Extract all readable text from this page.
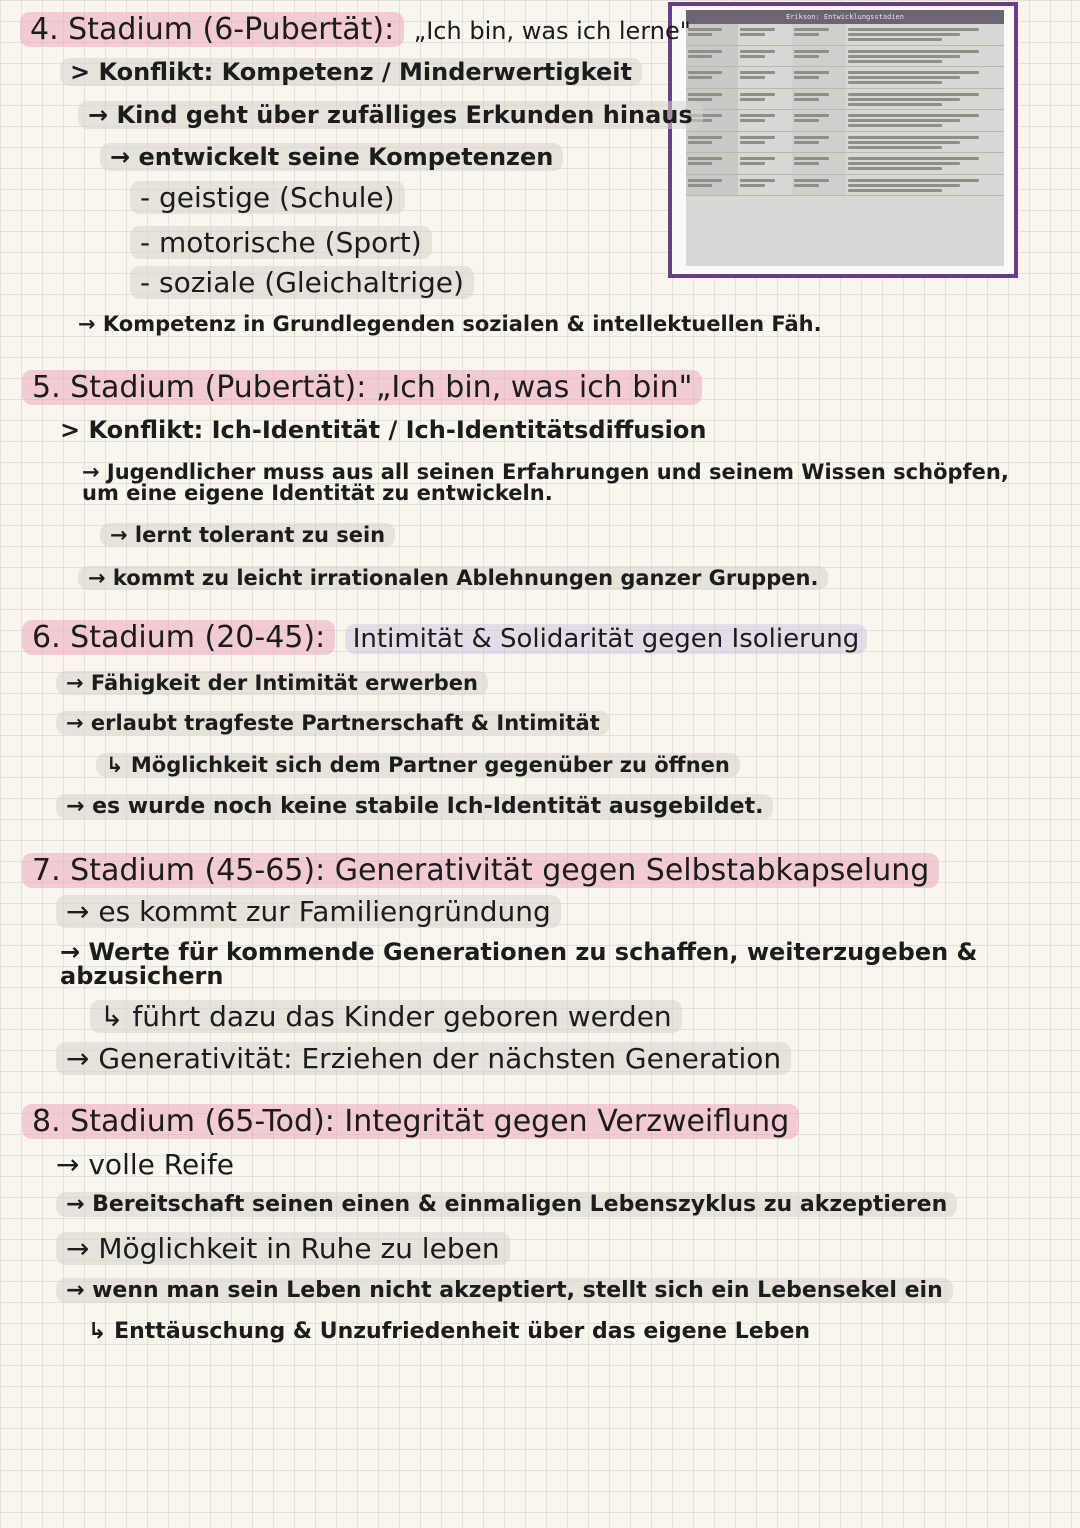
Erikson: Entwicklungsstadien
4. Stadium (6-Pubertät): „Ich bin, was ich lerne"
> Konflikt: Kompetenz / Minderwertigkeit
→ Kind geht über zufälliges Erkunden hinaus
→ entwickelt seine Kompetenzen
- geistige (Schule)
- motorische (Sport)
- soziale (Gleichaltrige)
→ Kompetenz in Grundlegenden sozialen & intellektuellen Fäh.
5. Stadium (Pubertät): „Ich bin, was ich bin"
> Konflikt: Ich-Identität / Ich-Identitätsdiffusion
→ Jugendlicher muss aus all seinen Erfahrungen und seinem Wissen schöpfen, um eine eigene Identität zu entwickeln.
→ lernt tolerant zu sein
→ kommt zu leicht irrationalen Ablehnungen ganzer Gruppen.
6. Stadium (20-45): Intimität & Solidarität gegen Isolierung
→ Fähigkeit der Intimität erwerben
→ erlaubt tragfeste Partnerschaft & Intimität
↳ Möglichkeit sich dem Partner gegenüber zu öffnen
→ es wurde noch keine stabile Ich-Identität ausgebildet.
7. Stadium (45-65): Generativität gegen Selbstabkapselung
→ es kommt zur Familiengründung
→ Werte für kommende Generationen zu schaffen, weiterzugeben & abzusichern
↳ führt dazu das Kinder geboren werden
→ Generativität: Erziehen der nächsten Generation
8. Stadium (65-Tod): Integrität gegen Verzweiflung
→ volle Reife
→ Bereitschaft seinen einen & einmaligen Lebenszyklus zu akzeptieren
→ Möglichkeit in Ruhe zu leben
→ wenn man sein Leben nicht akzeptiert, stellt sich ein Lebensekel ein
↳ Enttäuschung & Unzufriedenheit über das eigene Leben
